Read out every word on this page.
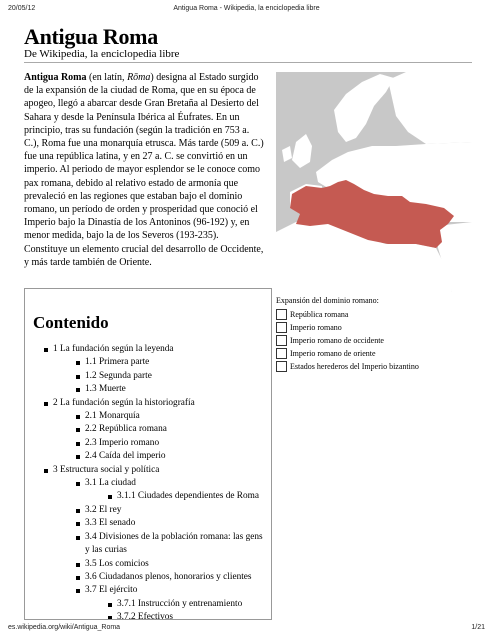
20/05/12	Antigua Roma - Wikipedia, la enciclopedia libre
Antigua Roma
De Wikipedia, la enciclopedia libre

Antigua Roma (en latín, Rōma) designa al Estado surgido de la expansión de la ciudad de Roma, que en su época de apogeo, llegó a abarcar desde Gran Bretaña al Desierto del Sahara y desde la Península Ibérica al Éufrates. En un principio, tras su fundación (según la tradición en 753 a. C.), Roma fue una monarquía etrusca. Más tarde (509 a. C.) fue una república latina, y en 27 a. C. se convirtió en un imperio. Al periodo de mayor esplendor se le conoce como pax romana, debido al relativo estado de armonía que prevaleció en las regiones que estaban bajo el dominio romano, un período de orden y prosperidad que conoció el Imperio bajo la Dinastía de los Antoninos (96-192) y, en menor medida, bajo la de los Severos (193-235). Constituye un elemento crucial del desarrollo de Occidente, y más tarde también de Oriente.

140
Expansión del dominio romano:
República romana
Imperio romano
Imperio romano de occidente
Imperio romano de oriente
Estados herederos del Imperio bizantino
Contenido
1 La fundación según la leyenda
1.1 Primera parte
1.2 Segunda parte
1.3 Muerte
2 La fundación según la historiografía
2.1 Monarquía
2.2 República romana
2.3 Imperio romano
2.4 Caída del imperio
3 Estructura social y política
3.1 La ciudad
3.1.1 Ciudades dependientes de Roma
3.2 El rey
3.3 El senado
3.4 Divisiones de la población romana: las gens y las curias
3.5 Los comicios
3.6 Ciudadanos plenos, honorarios y clientes
3.7 El ejército
3.7.1 Instrucción y entrenamiento
3.7.2 Efectivos
es.wikipedia.org/wiki/Antigua_Roma	1/21
